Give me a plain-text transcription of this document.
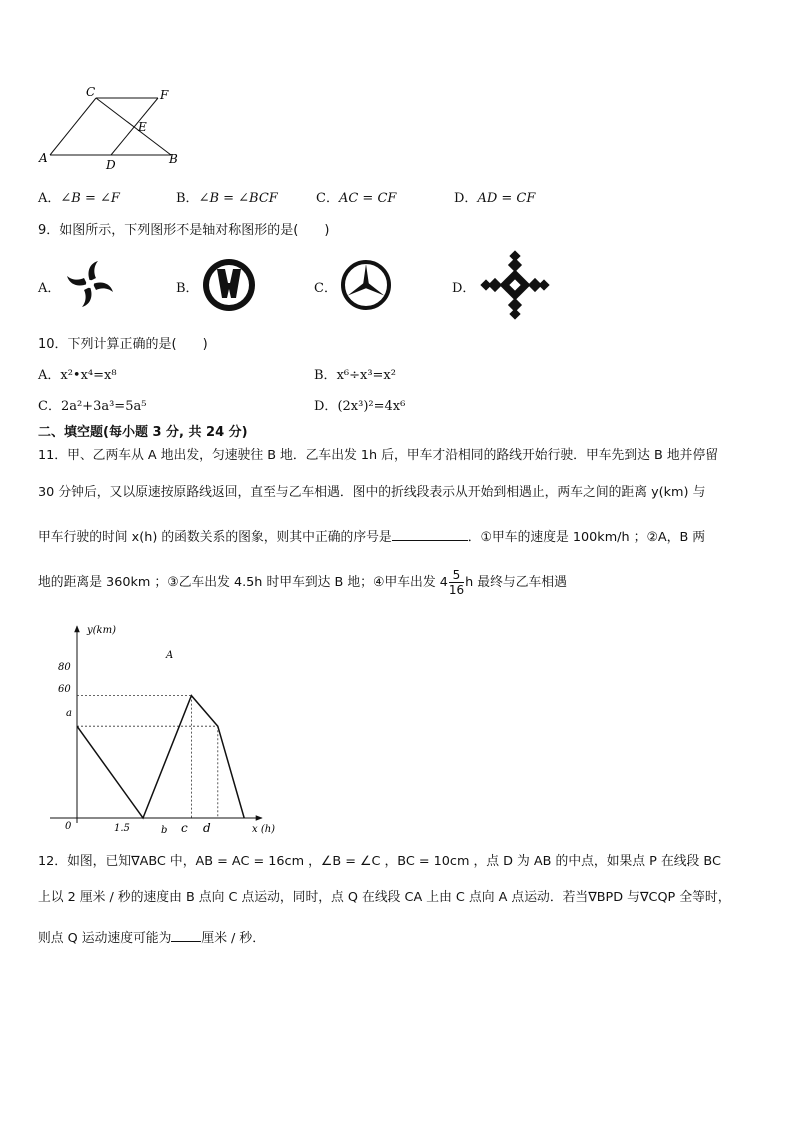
C	F
E
A	D	B
A．∠B = ∠F	B．∠B = ∠BCF	C．AC = CF	D．AD = CF
9．如图所示，下列图形不是轴对称图形的是(　　)
A．	B．	C．	D．
10．下列计算正确的是(　　)
A．x²•x⁴=x⁸	B．x⁶÷x³=x²
C．2a²+3a³=5a⁵	D．(2x³)²=4x⁶
二、填空题(每小题 3 分, 共 24 分)
11．甲、乙两车从 A 地出发，匀速驶往 B 地．乙车出发 1h 后，甲车才沿相同的路线开始行驶．甲车先到达 B 地并停留
30 分钟后，又以原速按原路线返回，直至与乙车相遇．图中的折线段表示从开始到相遇止，两车之间的距离 y(km) 与
甲车行驶的时间 x(h) 的函数关系的图象，则其中正确的序号是	．①甲车的速度是 100km/h ；②A，B 两
地的距离是 360km ；③乙车出发 4.5h 时甲车到达 B 地；④甲车出发 $4 \frac{5}{16}$ h 最终与乙车相遇
y(km)
x (h)
0
80
60
a
1.5	b c d
A
12．如图，已知∇ABC 中，AB = AC = 16cm ，∠B = ∠C ，BC = 10cm ，点 D 为 AB 的中点，如果点 P 在线段 BC
上以 2 厘米 / 秒的速度由 B 点向 C 点运动，同时，点 Q 在线段 CA 上由 C 点向 A 点运动．若当∇BPD 与∇CQP 全等时，
则点 Q 运动速度可能为 厘米 / 秒．
